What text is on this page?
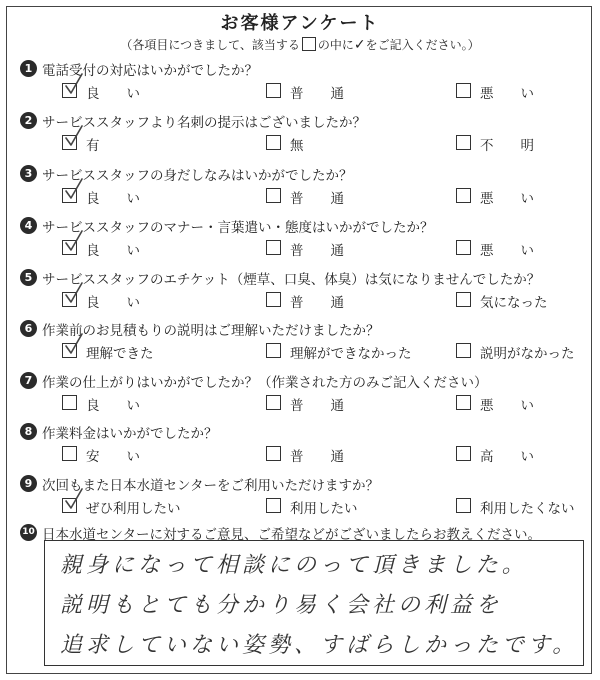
お客様アンケート
（各項目につきまして、該当する の中に✓をご記入ください。）
1 電話受付の対応はいかがでしたか？
良　　い	普　　通	悪　　い
2 サービススタッフより名刺の提示はございましたか？
有	無	不　　明
3 サービススタッフの身だしなみはいかがでしたか？
良　　い	普　　通	悪　　い
4 サービススタッフのマナー・言葉遣い・態度はいかがでしたか？
良　　い	普　　通	悪　　い
5 サービススタッフのエチケット（煙草、口臭、体臭）は気になりませんでしたか？
良　　い	普　　通	気になった
6 作業前のお見積もりの説明はご理解いただけましたか？
理解できた	理解ができなかった	説明がなかった
7 作業の仕上がりはいかがでしたか？（作業された方のみご記入ください）
良　　い	普　　通	悪　　い
8 作業料金はいかがでしたか？
安　　い	普　　通	高　　い
9 次回もまた日本水道センターをご利用いただけますか？
ぜひ利用したい	利用したい	利用したくない
10 日本水道センターに対するご意見、ご希望などがございましたらお教えください。
親身になって相談にのって頂きました。
説明もとても分かり易く会社の利益を
追求していない姿勢、すばらしかったです。
